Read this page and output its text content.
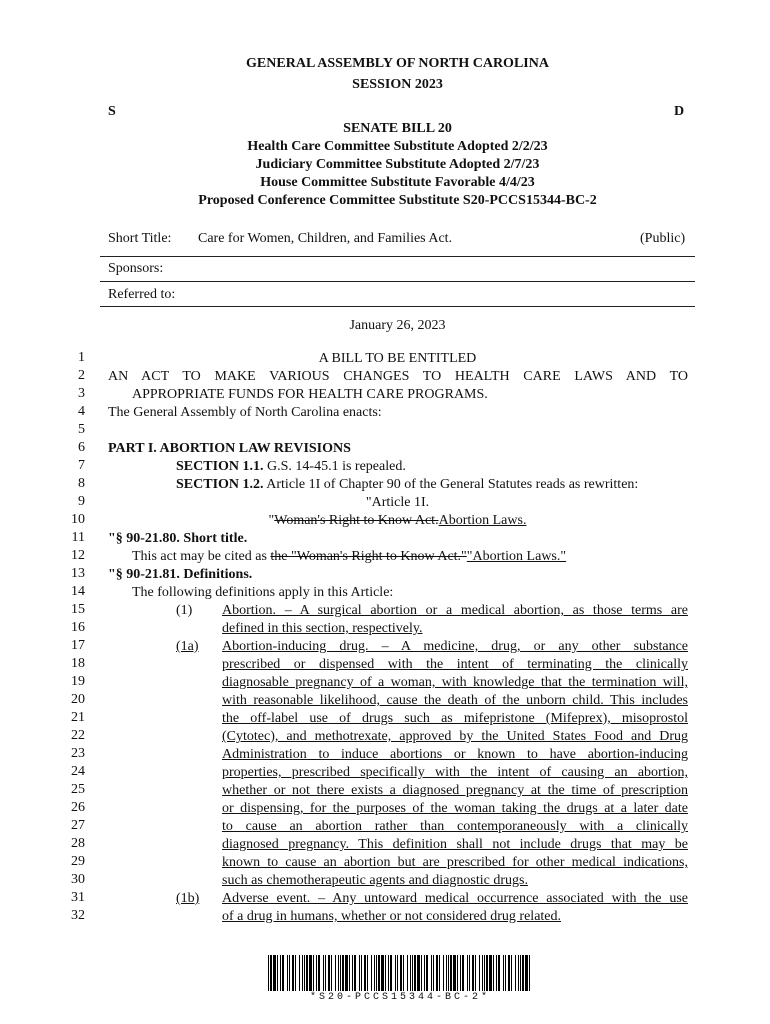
GENERAL ASSEMBLY OF NORTH CAROLINA
SESSION 2023
S	D
SENATE BILL 20
Health Care Committee Substitute Adopted 2/2/23
Judiciary Committee Substitute Adopted 2/7/23
House Committee Substitute Favorable 4/4/23
Proposed Conference Committee Substitute S20-PCCS15344-BC-2
Short Title: Care for Women, Children, and Families Act.	(Public)
Sponsors:
Referred to:
January 26, 2023
1
2
3
4
5
6
7
8
9
10
11
12
13
14
15
16
17
18
19
20
21
22
23
24
25
26
27
28
29
30
31
32
A BILL TO BE ENTITLED
AN ACT TO MAKE VARIOUS CHANGES TO HEALTH CARE LAWS AND TO
APPROPRIATE FUNDS FOR HEALTH CARE PROGRAMS.
The General Assembly of North Carolina enacts:
PART I. ABORTION LAW REVISIONS
SECTION 1.1. G.S. 14-45.1 is repealed.
SECTION 1.2. Article 1I of Chapter 90 of the General Statutes reads as rewritten:
"Article 1I.
"Woman's Right to Know Act.Abortion Laws.
"§ 90-21.80. Short title.
This act may be cited as the "Woman's Right to Know Act.""Abortion Laws."
"§ 90-21.81. Definitions.
The following definitions apply in this Article:
(1)
(1a)
(1b)
Abortion. – A surgical abortion or a medical abortion, as those terms are
defined in this section, respectively.
Abortion-inducing drug. – A medicine, drug, or any other substance
prescribed or dispensed with the intent of terminating the clinically
diagnosable pregnancy of a woman, with knowledge that the termination will,
with reasonable likelihood, cause the death of the unborn child. This includes
the off-label use of drugs such as mifepristone (Mifeprex), misoprostol
(Cytotec), and methotrexate, approved by the United States Food and Drug
Administration to induce abortions or known to have abortion-inducing
properties, prescribed specifically with the intent of causing an abortion,
whether or not there exists a diagnosed pregnancy at the time of prescription
or dispensing, for the purposes of the woman taking the drugs at a later date
to cause an abortion rather than contemporaneously with a clinically
diagnosed pregnancy. This definition shall not include drugs that may be
known to cause an abortion but are prescribed for other medical indications,
such as chemotherapeutic agents and diagnostic drugs.
Adverse event. – Any untoward medical occurrence associated with the use
of a drug in humans, whether or not considered drug related.
*S20-PCCS15344-BC-2*
